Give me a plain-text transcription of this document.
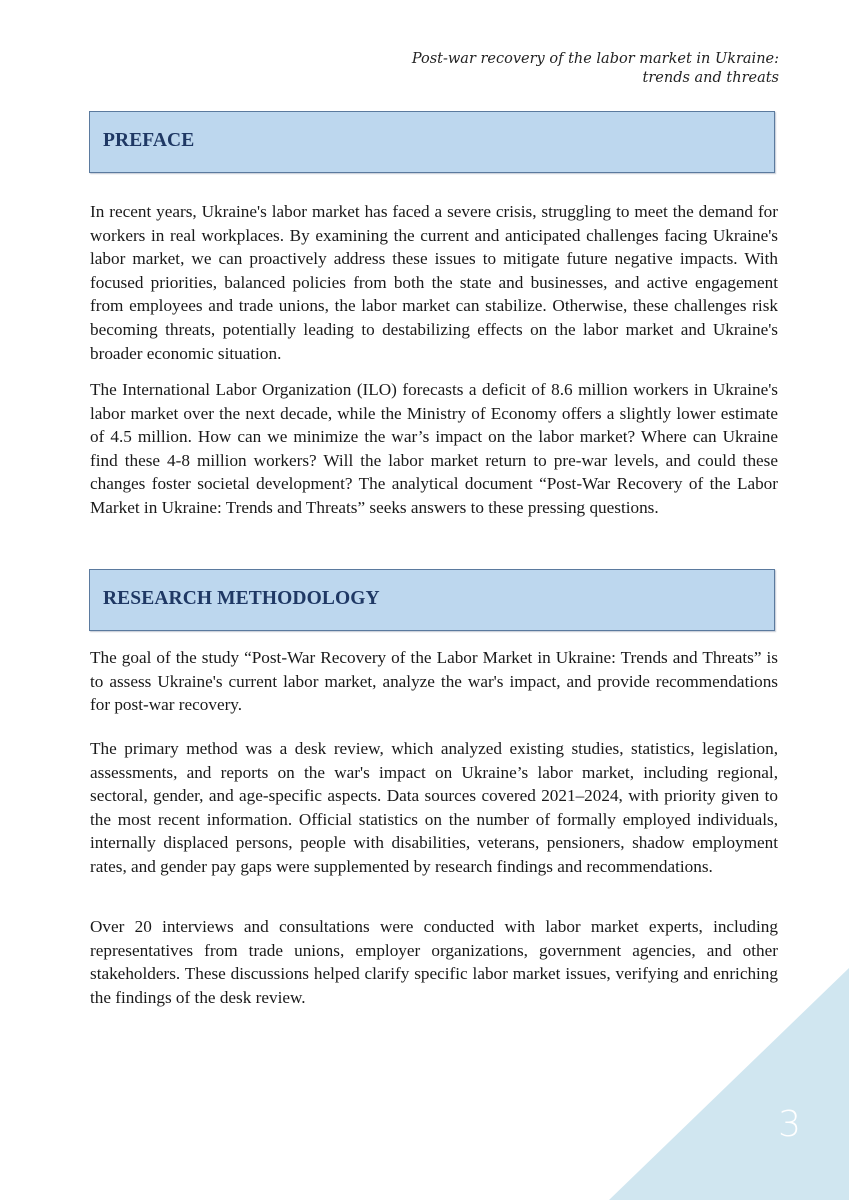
Post-war recovery of the labor market in Ukraine:
trends and threats
PREFACE

In recent years, Ukraine's labor market has faced a severe crisis, struggling to meet the demand for workers in real workplaces. By examining the current and anticipated challenges facing Ukraine's labor market, we can proactively address these issues to mitigate future negative impacts. With focused priorities, balanced policies from both the state and businesses, and active engagement from employees and trade unions, the labor market can stabilize. Otherwise, these challenges risk becoming threats, potentially leading to destabilizing effects on the labor market and Ukraine's broader economic situation.

The International Labor Organization (ILO) forecasts a deficit of 8.6 million workers in Ukraine's labor market over the next decade, while the Ministry of Economy offers a slightly lower estimate of 4.5 million. How can we minimize the war’s impact on the labor market? Where can Ukraine find these 4-8 million workers? Will the labor market return to pre-war levels, and could these changes foster societal development? The analytical document “Post-War Recovery of the Labor Market in Ukraine: Trends and Threats” seeks answers to these pressing questions.

RESEARCH METHODOLOGY

The goal of the study “Post-War Recovery of the Labor Market in Ukraine: Trends and Threats” is to assess Ukraine's current labor market, analyze the war's impact, and provide recommendations for post-war recovery.

The primary method was a desk review, which analyzed existing studies, statistics, legislation, assessments, and reports on the war's impact on Ukraine’s labor market, including regional, sectoral, gender, and age-specific aspects. Data sources covered 2021–2024, with priority given to the most recent information. Official statistics on the number of formally employed individuals, internally displaced persons, people with disabilities, veterans, pensioners, shadow employment rates, and gender pay gaps were supplemented by research findings and recommendations.

Over 20 interviews and consultations were conducted with labor market experts, including representatives from trade unions, employer organizations, government agencies, and other stakeholders. These discussions helped clarify specific labor market issues, verifying and enriching the findings of the desk review.

3
